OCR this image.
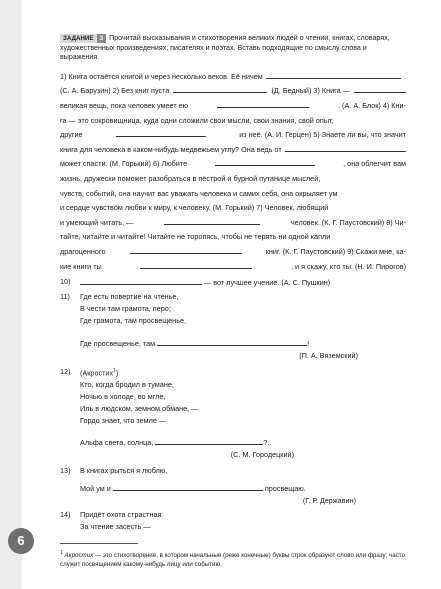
6
ЗАДАНИЕ 3 Прочитай высказывания и стихотворения великих людей о чтении, книгах, словарях, художественных произведениях, писателях и поэтах. Вставь подходящие по смыслу слова и выражения.
1) Книга остаётся книгой и через несколько веков. Её ничем	.
(С. А. Барузин) 2) Без книг пуста	(Д. Бедный) 3) Книга —
великая вещь, пока человек умеет ею	. (А. А. Блок) 4) Кни-
га — это сокровищница, куда одни сложили свои мысли, свои знания, свой опыт,
другие	из неё. (А. И. Герцен) 5) Знаете ли вы, что значит
книга для человека в каком-нибудь медвежьем углу? Она ведь от
может спасти. (М. Горький) 6) Любите	, она облегчит вам
жизнь, дружески поможет разобраться в пёстрой и бурной путанице мыслей,
чувств, событий, она научит вас уважать человека и самих себя, она окрыляет ум
и сердце чувством любви к миру, к человеку. (М. Горький) 7) Человек, любящий
и умеющий читать, —	человек. (К. Г. Паустовский) 8) Чи-
тайте, читайте и читайте! Читайте не торопясь, чтобы не терять ни одной капли
драгоценного	книг. (К. Г. Паустовский) 9) Скажи мне, ка-
кие книги ты	, и я скажу, кто ты. (Н. И. Пирогов)
10)	— вот лучшее учение. (А. С. Пушкин)
11)	Где есть повертие на чтенье,
В чести там грамота, перо;
Где грамота, там просвещенье,
Где просвещенье, там	!
(П. А. Вяземский)
12)	(Акростих$^1$)
Кто, когда бродил в тумане,
Ночью в холоде, во мгле,
Иль в людском, земном обмане, —
Гордо знает, что земле —
Альфа света, солнца,	?..
(С. М. Городецкий)
13)	В книгах рыться я люблю,
Мой ум и	просвещаю.
(Г. Р. Державин)
14)	Придёт охота страстная
За чтение засесть —
$^1$ Акростих — это стихотворение, в котором начальные (реже конечные) буквы строк образуют слово или фразу; часто служит посвящением какому-нибудь лицу или событию.
